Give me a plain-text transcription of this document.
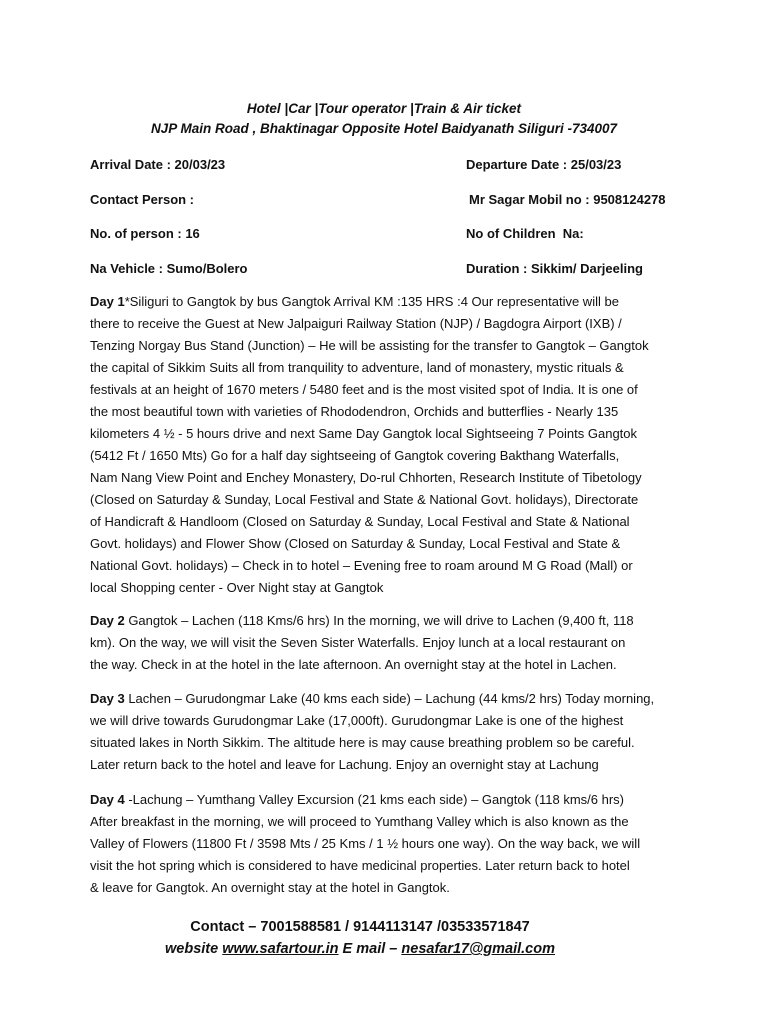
Hotel |Car |Tour operator |Train & Air ticket
NJP Main Road , Bhaktinagar Opposite Hotel Baidyanath Siliguri -734007
Arrival Date : 20/03/23	Departure Date : 25/03/23
Contact Person :	Mr Sagar Mobil no : 9508124278
No. of person : 16	No of Children  Na:
Na Vehicle : Sumo/Bolero	Duration : Sikkim/ Darjeeling
Day 1*Siliguri to Gangtok by bus Gangtok Arrival KM :135 HRS :4 Our representative will be
there to receive the Guest at New Jalpaiguri Railway Station (NJP) / Bagdogra Airport (IXB) /
Tenzing Norgay Bus Stand (Junction) – He will be assisting for the transfer to Gangtok – Gangtok
the capital of Sikkim Suits all from tranquility to adventure, land of monastery, mystic rituals &
festivals at an height of 1670 meters / 5480 feet and is the most visited spot of India. It is one of
the most beautiful town with varieties of Rhododendron, Orchids and butterflies - Nearly 135
kilometers 4 ½ - 5 hours drive and next Same Day Gangtok local Sightseeing 7 Points Gangtok
(5412 Ft / 1650 Mts) Go for a half day sightseeing of Gangtok covering Bakthang Waterfalls,
Nam Nang View Point and Enchey Monastery, Do-rul Chhorten, Research Institute of Tibetology
(Closed on Saturday & Sunday, Local Festival and State & National Govt. holidays), Directorate
of Handicraft & Handloom (Closed on Saturday & Sunday, Local Festival and State & National
Govt. holidays) and Flower Show (Closed on Saturday & Sunday, Local Festival and State &
National Govt. holidays) – Check in to hotel – Evening free to roam around M G Road (Mall) or
local Shopping center - Over Night stay at Gangtok
Day 2 Gangtok – Lachen (118 Kms/6 hrs) In the morning, we will drive to Lachen (9,400 ft, 118
km). On the way, we will visit the Seven Sister Waterfalls. Enjoy lunch at a local restaurant on
the way. Check in at the hotel in the late afternoon. An overnight stay at the hotel in Lachen.
Day 3 Lachen – Gurudongmar Lake (40 kms each side) – Lachung (44 kms/2 hrs) Today morning,
we will drive towards Gurudongmar Lake (17,000ft). Gurudongmar Lake is one of the highest
situated lakes in North Sikkim. The altitude here is may cause breathing problem so be careful.
Later return back to the hotel and leave for Lachung. Enjoy an overnight stay at Lachung
Day 4 -Lachung – Yumthang Valley Excursion (21 kms each side) – Gangtok (118 kms/6 hrs)
After breakfast in the morning, we will proceed to Yumthang Valley which is also known as the
Valley of Flowers (11800 Ft / 3598 Mts / 25 Kms / 1 ½ hours one way). On the way back, we will
visit the hot spring which is considered to have medicinal properties. Later return back to hotel
& leave for Gangtok. An overnight stay at the hotel in Gangtok.
Contact – 7001588581 / 9144113147 /03533571847
website www.safartour.in E mail – nesafar17@gmail.com
